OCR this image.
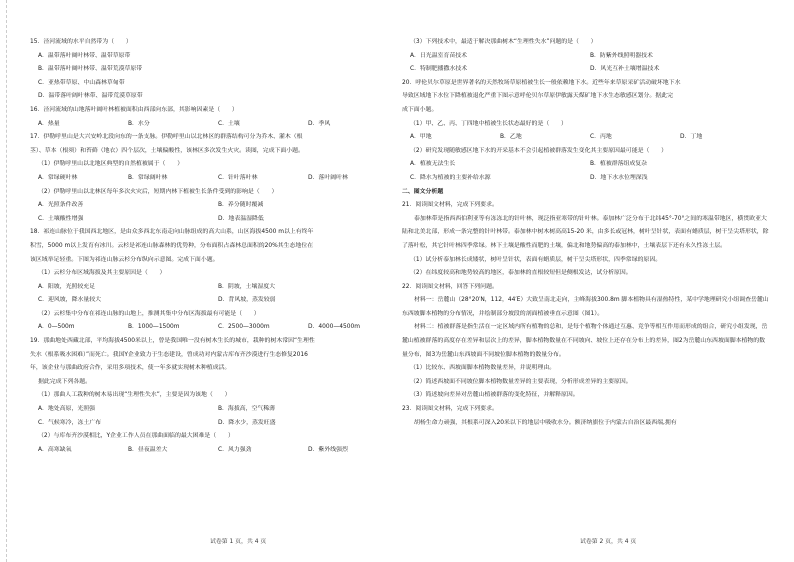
15．泾河流域的水平自然带为（　　）
A．温带落叶阔叶林带、温带草原带
B．温带落叶阔叶林带、温带荒漠草原带
C．亚热带草原、中山森林草甸带
D．温带落叶阔叶林带、温带荒漠草原带
16．泾河流域的山地落叶阔叶林植被面积由西部向东部，其影响因素是（　　）
A．热量	B．水分	C．土壤	D．季风
17．伊勒呼里山是大兴安岭北段向东的一条支脉。伊勒呼里山以北林区的群落结构可分为乔木、灌木（根
茎）、草本（根须）和苔藓（地衣）四个层次，土壤偏酸性，该林区多次发生火灾。读图，完成下面小题。
（1）伊勒呼里山以北地区典型的自然植被属于（　　）
A．常绿硬叶林	B．常绿阔叶林	C．针叶落叶林	D．落叶阔叶林
（2）伊勒呼里山以北林区每年多次火灾后，短期内林下植被生长条件受到的影响是（　　）
A．光照条件改善	B．养分随时覆减
C．土壤酸性增强	D．地表温湿降低
18．祁连山脉位于我国西北地区，是由众多西北东南走向山脉组成的高大山系，山区海拔4500 m以上有终年
积雪，5000 m以上发育有冰川。云杉是祁连山脉森林的优势种，分布面积占森林总面积的20%其生态地位在
该区域举足轻重。下图为祁连山脉云杉分布纵向示意图。完成下面小题。
（1）云杉分布区域海拔及其主要原因是（　　）
A．阳坡，光照较充足	B．阴坡，土壤湿度大
C．迎风坡，降水量较大	D．背风坡，蒸发较弱
（2）云杉集中分布在祁连山脉的山地上，推测其集中分布区海拔最有可能是（　　）
A．0—500m	B．1000—1500m	C．2500—3000m	D．4000—4500m
19．那曲地处西藏北部，平均海拔4500米以上，曾是我国唯一没有树木生长的城市，栽种的树木常因“生理性
失水（根系吸水困难）”而死亡。我国Y企业致力于生态建设，曾成功对内蒙古库布齐沙漠进行生态修复2016
年，该企业与那曲政府合作，采用多项技术，使一年多就实现树木种植成活。
据此完成下列各题。
（1）那曲人工栽种的树木易出现“生理性失水”，主要是因为该地（　　）
A．地处高原，光照强	B．海拔高，空气稀薄
C．气候寒冷，冻土广布	D．降水少，蒸发旺盛
（2）与库布齐沙漠相比，Y企业工作人员在那曲面临的最大困难是（　　）
A．高寒缺氧	B．昼夜温差大	C．风力强劲	D．紫外线强烈
（3）下列技术中，最适于解决那曲树木“生理性失水”问题的是（　　）
A．日光温室育苗技术	B．防紫外线照明器技术
C．特制肥播撒水技术	D．风光互补土壤增温技术
20．呼伦贝尔草原是世界著名的天然牧场草原植被生长一般依赖地下水。近些年来草原采矿活动破坏地下水
导致区域地下水位下降植被退化严重下图示意呼伦贝尔草原伊敏露天煤矿地下水生态敏感区划分。据此完
成下面小题。
（1）甲、乙、丙、丁四地中植被生长状态最好的是（　　）
A．甲地	B．乙地	C．丙地	D．丁地
（2）研究发现随敏感区地下水的开采基本不会引起植被群落发生变化其主要原因最可能是（　　）
A．植被无法生长	B．植被群落组成复杂
C．降水为植被的主要补给水源	D．地下水水位埋深浅
二、图文分析题
21．阅读图文材料，完成下列要求。
泰加林带是指西西伯利亚等有冻冻北的针叶林，现泛指亚寒带的针叶林。泰加林广泛分布于北纬45°-70°之间的寒温带地区，横贯欧亚大陆和北美北部，形成一条完整的针叶林带。泰加林中树木树高高15-20 米，由多长或冠林，树叶呈针状，表面有蜡质层，树干呈尖塔形状，除了落叶松，其它针叶林四季常绿。林下土壤是酸性而肥的土壤，偏北和地势偏高的泰加林中，土壤表层下还有永久性冻土层。
（1）试分析泰加林长成矮状，树叶呈针状，表面有蜡质层，树干呈尖塔形状，四季常绿的原因。
（2）在纬度较高和地势较高的地区，泰加林的直根较短但是侧根发达，试分析原因。
22．阅读图文材料，回答下列问题。
材料一：岳麓山（28°20′N，112，44′E）大致呈南北走向，主峰海拔300.8m 脚本植物具有湿热特性，某中学地理研究小组调查岳麓山东西坡脚本植物的分布情况，并绘制部分坡段的剖面植被垂直示意图（图1）。
材料二：植被群落是指生活在一定区域内所有植物的总和，是每个植物个体通过互惠、竞争等相互作用而形成的组合，研究小组发现，岳麓山植被群落的高度存在差异和层次上的差异，脚本植物数量在不同坡向、坡位上还存在分布上的差异，图2为岳麓山东西坡面脚本植物的数量分布，图3为岳麓山东西坡面不同坡位脚本植物的数量分布。
（1）比较东、西坡面脚本植物数量差异，并说明理由。
（2）简述西坡面不同坡位脚本植物数量差异的主要表现，分析形成差异的主要原因。
（3）简述坡向差异对岳麓山植被群落的变化特征，并解释原因。
23．阅读图文材料，完成下列要求。
胡杨生命力顽强，其根系可深入20米以下的地层中吸收水分。额济纳旗位于内蒙古自治区最西端,拥有
试卷第 1 页，共 4 页	试卷第 2 页，共 4 页
